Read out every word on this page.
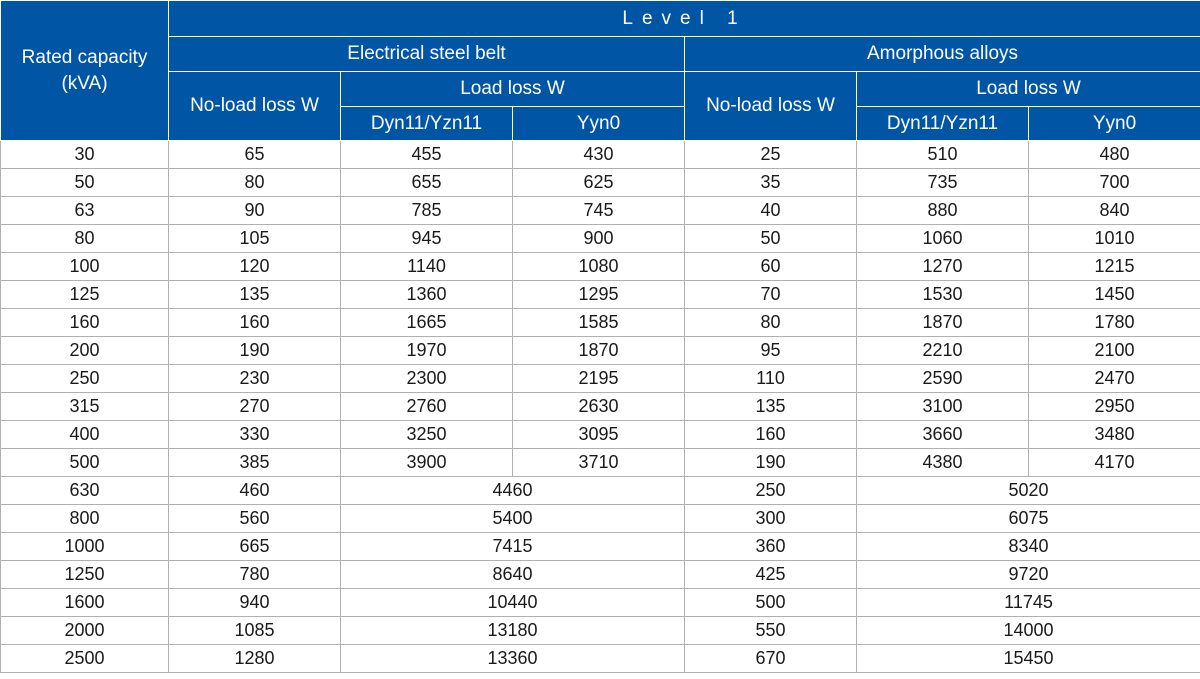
Rated capacity (kVA)	Level 1					
	Electrical steel belt			Amorphous alloys		
	No-load loss W	Load loss W		No-load loss W	Load loss W	
		Dyn11/Yzn11	Yyn0		Dyn11/Yzn11	Yyn0
30	65	455	430	25	510	480
50	80	655	625	35	735	700
63	90	785	745	40	880	840
80	105	945	900	50	1060	1010
100	120	1140	1080	60	1270	1215
125	135	1360	1295	70	1530	1450
160	160	1665	1585	80	1870	1780
200	190	1970	1870	95	2210	2100
250	230	2300	2195	110	2590	2470
315	270	2760	2630	135	3100	2950
400	330	3250	3095	160	3660	3480
500	385	3900	3710	190	4380	4170
630	460	4460		250	5020	
800	560	5400		300	6075	
1000	665	7415		360	8340	
1250	780	8640		425	9720	
1600	940	10440		500	11745	
2000	1085	13180		550	14000	
2500	1280	13360		670	15450	
